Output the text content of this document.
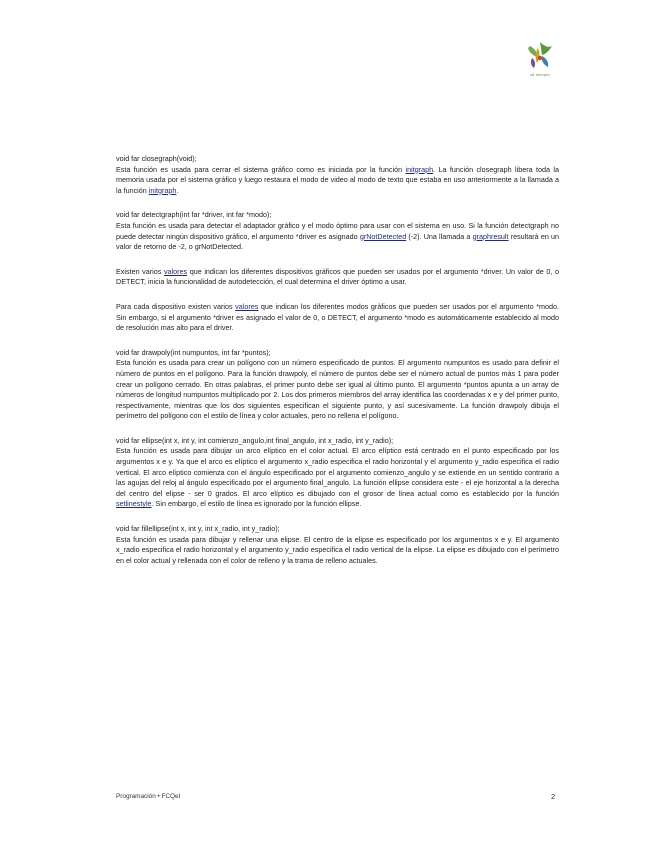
sit semper

void far closegraph(void);

Esta función es usada para cerrar el sistema gráfico como es iniciada por la función initgraph. La función closegraph libera toda la memoria usada por el sistema gráfico y luego restaura el modo de video al modo de texto que estaba en uso anteriormente a la llamada a la función initgraph.

void far detectgraph(int far *driver, int far *modo);

Esta función es usada para detectar el adaptador gráfico y el modo óptimo para usar con el sistema en uso. Si la función detectgraph no puede detectar ningún dispositivo gráfico, el argumento *driver es asignado grNotDetected (-2). Una llamada a graphresult resultará en un valor de retorno de -2, o grNotDetected.

Existen varios valores que indican los diferentes dispositivos gráficos que pueden ser usados por el argumento *driver. Un valor de 0, o DETECT, inicia la funcionalidad de autodetección, el cual determina el driver óptimo a usar.

Para cada dispositivo existen varios valores que indican los diferentes modos gráficos que pueden ser usados por el argumento *modo. Sin embargo, si el argumento *driver es asignado el valor de 0, o DETECT, el argumento *modo es automáticamente establecido al modo de resolución mas alto para el driver.

void far drawpoly(int numpuntos, int far *puntos);

Esta función es usada para crear un polígono con un número especificado de puntos. El argumento numpuntos es usado para definir el número de puntos en el polígono. Para la función drawpoly, el número de puntos debe ser el número actual de puntos más 1 para poder crear un polígono cerrado. En otras palabras, el primer punto debe ser igual al último punto. El argumento *puntos apunta a un array de números de longitud numpuntos multiplicado por 2. Los dos primeros miembros del array identifica las coordenadas x e y del primer punto, respectivamente, mientras que los dos siguientes especifican el siguiente punto, y así sucesivamente. La función drawpoly dibuja el perímetro del polígono con el estilo de línea y color actuales, pero no rellena el polígono.

void far ellipse(int x, int y, int comienzo_angulo,int final_angulo, int x_radio, int y_radio);

Esta función es usada para dibujar un arco elíptico en el color actual. El arco elíptico está centrado en el punto especificado por los argumentos x e y. Ya que el arco es elíptico el argumento x_radio especifica el radio horizontal y el argumento y_radio especifica el radio vertical. El arco elíptico comienza con el ángulo especificado por el argumento comienzo_angulo y se extiende en un sentido contrario a las agujas del reloj al ángulo especificado por el argumento final_angulo. La función ellipse considera este - el eje horizontal a la derecha del centro del elipse - ser 0 grados. El arco elíptico es dibujado con el grosor de línea actual como es establecido por la función setlinestyle. Sin embargo, el estilo de línea es ignorado por la función ellipse.

void far fillellipse(int x, int y, int x_radio, int y_radio);

Esta función es usada para dibujar y rellenar una elipse. El centro de la elipse es especificado por los argumentos x e y. El argumento x_radio especifica el radio horizontal y el argumento y_radio especifica el radio vertical de la elipse. La elipse es dibujado con el perímetro en el color actual y rellenada con el color de relleno y la trama de relleno actuales.

Programación • FCQeI	2
